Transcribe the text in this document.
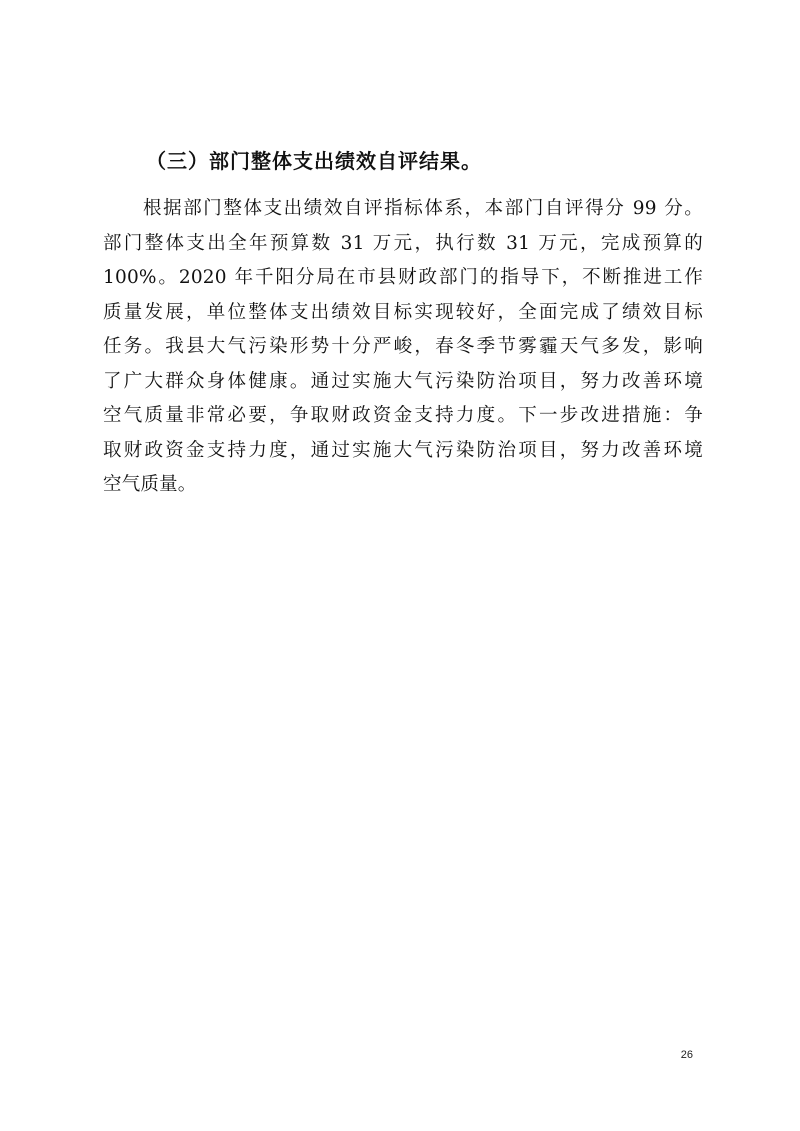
（三）部门整体支出绩效自评结果。
根据部门整体支出绩效自评指标体系，本部门自评得分 99 分。
部门整体支出全年预算数 31 万元，执行数 31 万元，完成预算的
100%。2020 年千阳分局在市县财政部门的指导下，不断推进工作
质量发展，单位整体支出绩效目标实现较好，全面完成了绩效目标
任务。我县大气污染形势十分严峻，春冬季节雾霾天气多发，影响
了广大群众身体健康。通过实施大气污染防治项目，努力改善环境
空气质量非常必要，争取财政资金支持力度。下一步改进措施：争
取财政资金支持力度，通过实施大气污染防治项目，努力改善环境
空气质量。
26
